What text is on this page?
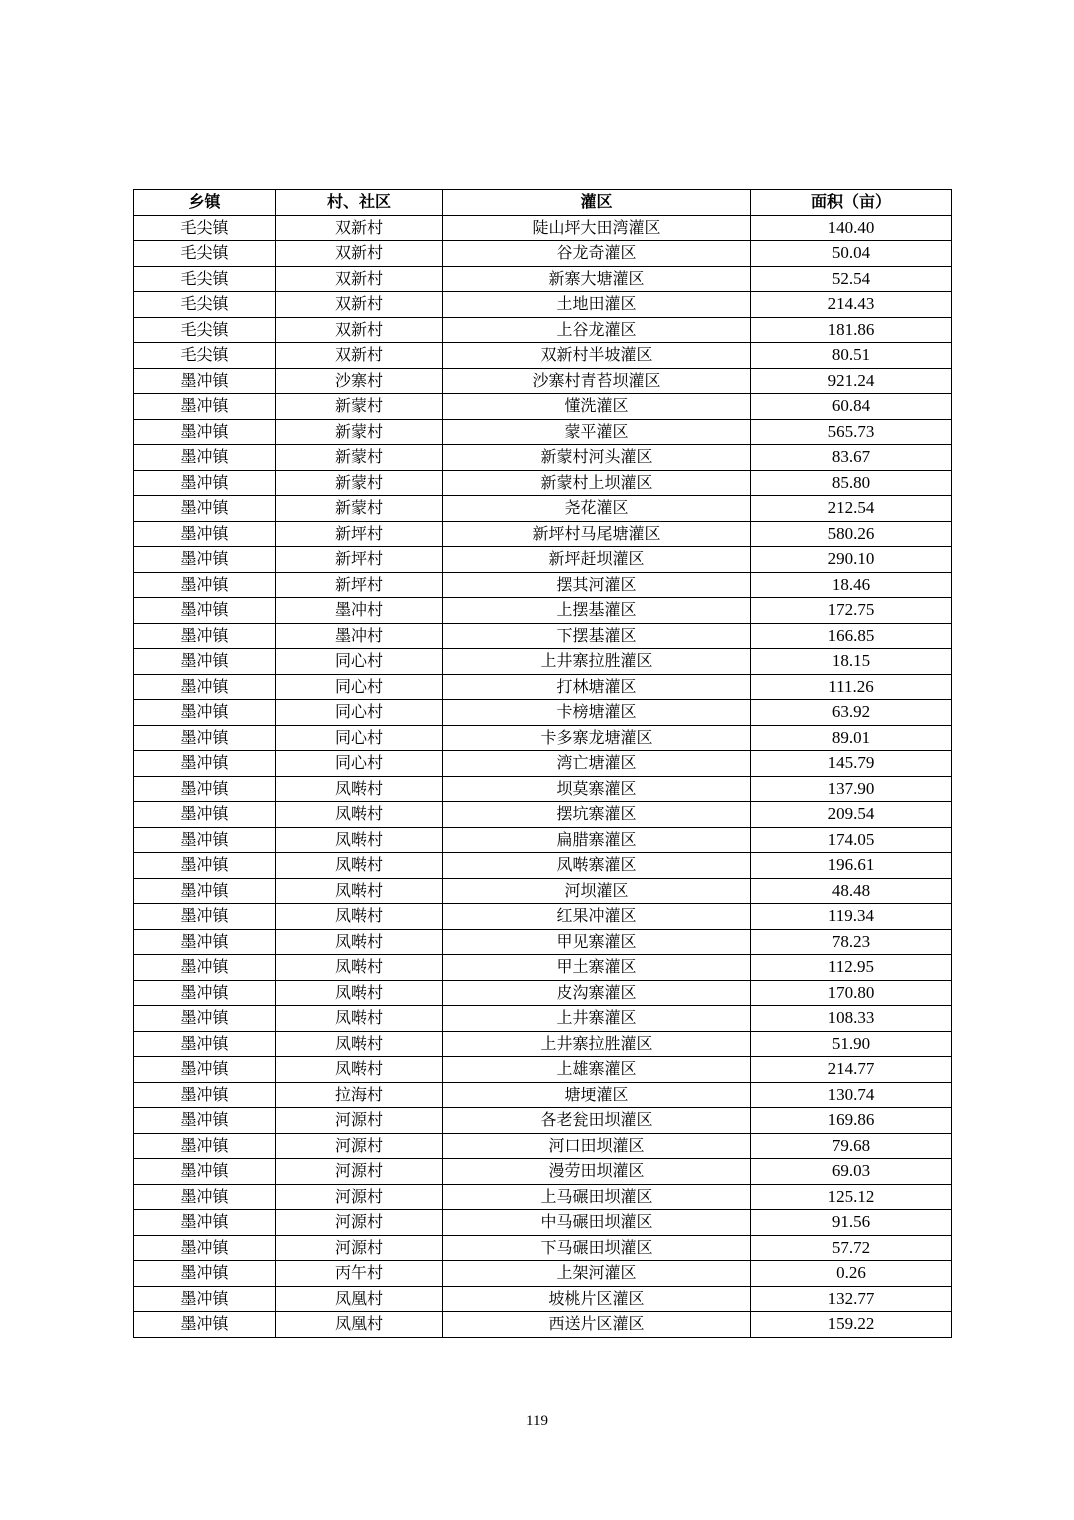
乡镇	村、社区	灌区	面积（亩）
毛尖镇	双新村	陡山坪大田湾灌区	140.40
毛尖镇	双新村	谷龙奇灌区	50.04
毛尖镇	双新村	新寨大塘灌区	52.54
毛尖镇	双新村	土地田灌区	214.43
毛尖镇	双新村	上谷龙灌区	181.86
毛尖镇	双新村	双新村半坡灌区	80.51
墨冲镇	沙寨村	沙寨村青苔坝灌区	921.24
墨冲镇	新蒙村	懂洗灌区	60.84
墨冲镇	新蒙村	蒙平灌区	565.73
墨冲镇	新蒙村	新蒙村河头灌区	83.67
墨冲镇	新蒙村	新蒙村上坝灌区	85.80
墨冲镇	新蒙村	尧花灌区	212.54
墨冲镇	新坪村	新坪村马尾塘灌区	580.26
墨冲镇	新坪村	新坪赶坝灌区	290.10
墨冲镇	新坪村	摆其河灌区	18.46
墨冲镇	墨冲村	上摆基灌区	172.75
墨冲镇	墨冲村	下摆基灌区	166.85
墨冲镇	同心村	上井寨拉胜灌区	18.15
墨冲镇	同心村	打林塘灌区	111.26
墨冲镇	同心村	卡榜塘灌区	63.92
墨冲镇	同心村	卡多寨龙塘灌区	89.01
墨冲镇	同心村	湾亡塘灌区	145.79
墨冲镇	凤啭村	坝莫寨灌区	137.90
墨冲镇	凤啭村	摆坑寨灌区	209.54
墨冲镇	凤啭村	扁腊寨灌区	174.05
墨冲镇	凤啭村	凤啭寨灌区	196.61
墨冲镇	凤啭村	河坝灌区	48.48
墨冲镇	凤啭村	红果冲灌区	119.34
墨冲镇	凤啭村	甲见寨灌区	78.23
墨冲镇	凤啭村	甲土寨灌区	112.95
墨冲镇	凤啭村	皮沟寨灌区	170.80
墨冲镇	凤啭村	上井寨灌区	108.33
墨冲镇	凤啭村	上井寨拉胜灌区	51.90
墨冲镇	凤啭村	上雄寨灌区	214.77
墨冲镇	拉海村	塘埂灌区	130.74
墨冲镇	河源村	各老瓮田坝灌区	169.86
墨冲镇	河源村	河口田坝灌区	79.68
墨冲镇	河源村	漫劳田坝灌区	69.03
墨冲镇	河源村	上马碾田坝灌区	125.12
墨冲镇	河源村	中马碾田坝灌区	91.56
墨冲镇	河源村	下马碾田坝灌区	57.72
墨冲镇	丙午村	上架河灌区	0.26
墨冲镇	凤凰村	坡桃片区灌区	132.77
墨冲镇	凤凰村	西送片区灌区	159.22
119
